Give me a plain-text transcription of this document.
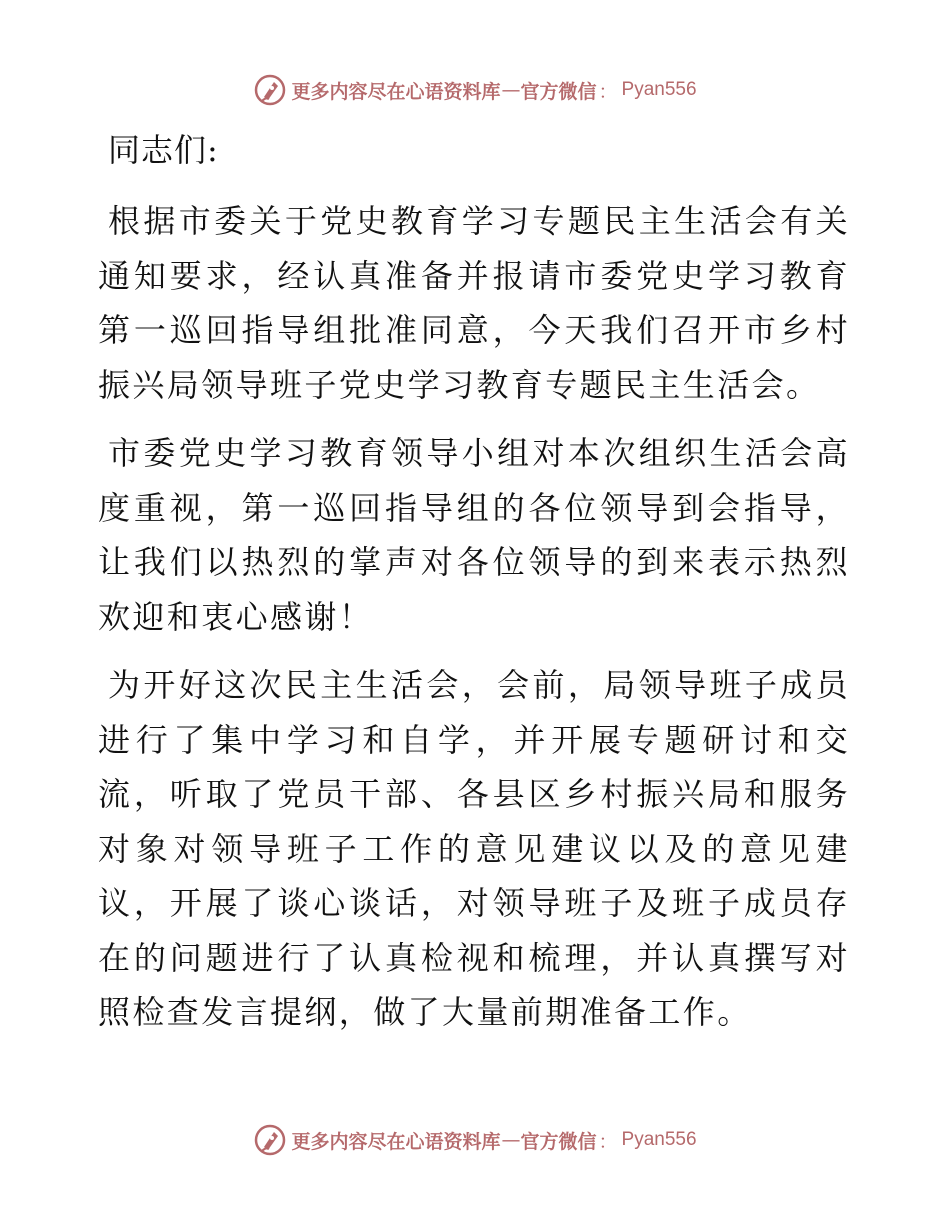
更多内容尽在心语资料库 — 官方微信 ： Pyan556

同志们:

根据市委关于党史教育学习专题民主生活会有关通知要求，经认真准备并报请市委党史学习教育第一巡回指导组批准同意，今天我们召开市乡村振兴局领导班子党史学习教育专题民主生活会。

市委党史学习教育领导小组对本次组织生活会高度重视，第一巡回指导组的各位领导到会指导，让我们以热烈的掌声对各位领导的到来表示热烈欢迎和衷心感谢！

为开好这次民主生活会，会前，局领导班子成员进行了集中学习和自学，并开展专题研讨和交流，听取了党员干部、各县区乡村振兴局和服务对象对领导班子工作的意见建议以及的意见建议，开展了谈心谈话，对领导班子及班子成员存在的问题进行了认真检视和梳理，并认真撰写对照检查发言提纲，做了大量前期准备工作。

更多内容尽在心语资料库 — 官方微信 ： Pyan556
